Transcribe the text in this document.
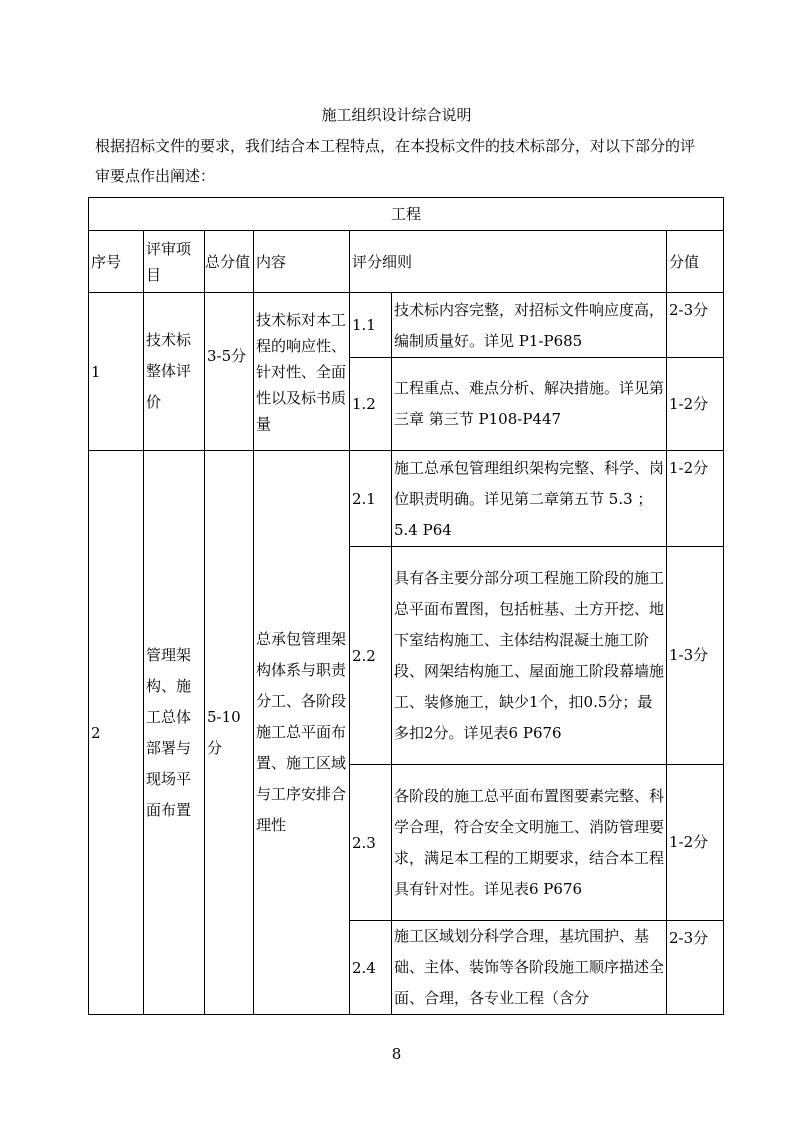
施工组织设计综合说明
根据招标文件的要求，我们结合本工程特点，在本投标文件的技术标部分，对以下部分的评审要点作出阐述：
工程						
序号	评审项目	总分值	内容	评分细则		分值
1	技术标整体评价	3-5分	技术标对本工程的响应性、针对性、全面性以及标书质量	1.1	技术标内容完整，对招标文件响应度高，编制质量好。详见 P1-P685	2-3分
				1.2	工程重点、难点分析、解决措施。详见第三章 第三节 P108-P447	1-2分
2	管理架构、施工总体部署与现场平面布置	5-10分	总承包管理架构体系与职责分工、各阶段施工总平面布置、施工区域与工序安排合理性	2.1	施工总承包管理组织架构完整、科学、岗位职责明确。详见第二章第五节 5.3 ；5.4 P64	1-2分
				2.2	具有各主要分部分项工程施工阶段的施工总平面布置图，包括桩基、土方开挖、地下室结构施工、主体结构混凝土施工阶段、网架结构施工、屋面施工阶段幕墙施工、装修施工，缺少1个，扣0.5分；最多扣2分。详见表6 P676	1-3分
				2.3	各阶段的施工总平面布置图要素完整、科学合理，符合安全文明施工、消防管理要求，满足本工程的工期要求，结合本工程具有针对性。详见表6 P676	1-2分
				2.4	施工区域划分科学合理，基坑围护、基础、主体、装饰等各阶段施工顺序描述全面、合理，各专业工程（含分	2-3分
8
